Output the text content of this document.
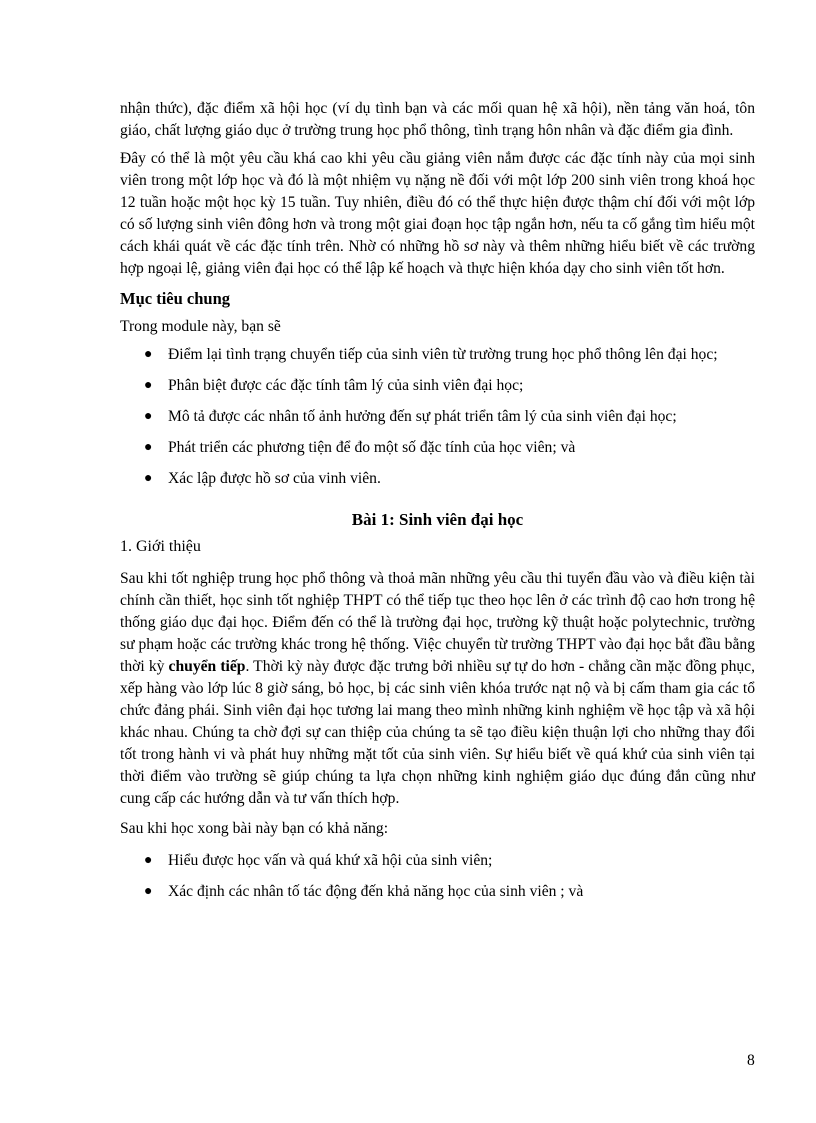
nhận thức), đặc điểm xã hội học (ví dụ tình bạn và các mối quan hệ xã hội), nền tảng văn hoá, tôn giáo, chất lượng giáo dục ở trường trung học phổ thông, tình trạng hôn nhân và đặc điểm gia đình.

Đây có thể là một yêu cầu khá cao khi yêu cầu giảng viên nắm được các đặc tính này của mọi sinh viên trong một lớp học và đó là một nhiệm vụ nặng nề đối với một lớp 200 sinh viên trong khoá học 12 tuần hoặc một học kỳ 15 tuần. Tuy nhiên, điều đó có thể thực hiện được thậm chí đối với một lớp có số lượng sinh viên đông hơn và trong một giai đoạn học tập ngắn hơn, nếu ta cố gắng tìm hiểu một cách khái quát về các đặc tính trên. Nhờ có những hồ sơ này và thêm những hiểu biết về các trường hợp ngoại lệ, giảng viên đại học có thể lập kế hoạch và thực hiện khóa dạy cho sinh viên tốt hơn.

Mục tiêu chung

Trong module này, bạn sẽ

● Điểm lại tình trạng chuyển tiếp của sinh viên từ trường trung học phổ thông lên đại học;
● Phân biệt được các đặc tính tâm lý của sinh viên đại học;
● Mô tả được các nhân tố ảnh hưởng đến sự phát triển tâm lý của sinh viên đại học;
● Phát triển các phương tiện để đo một số đặc tính của học viên; và
● Xác lập được hồ sơ của vinh viên.
Bài 1: Sinh viên đại học
1. Giới thiệu

Sau khi tốt nghiệp trung học phổ thông và thoả mãn những yêu cầu thi tuyển đầu vào và điều kiện tài chính cần thiết, học sinh tốt nghiệp THPT có thể tiếp tục theo học lên ở các trình độ cao hơn trong hệ thống giáo dục đại học. Điểm đến có thể là trường đại học, trường kỹ thuật hoặc polytechnic, trường sư phạm hoặc các trường khác trong hệ thống. Việc chuyển từ trường THPT vào đại học bắt đầu bằng thời kỳ chuyển tiếp. Thời kỳ này được đặc trưng bởi nhiều sự tự do hơn - chẳng cần mặc đồng phục, xếp hàng vào lớp lúc 8 giờ sáng, bỏ học, bị các sinh viên khóa trước nạt nộ và bị cấm tham gia các tổ chức đảng phái. Sinh viên đại học tương lai mang theo mình những kinh nghiệm về học tập và xã hội khác nhau. Chúng ta chờ đợi sự can thiệp của chúng ta sẽ tạo điều kiện thuận lợi cho những thay đổi tốt trong hành vi và phát huy những mặt tốt của sinh viên. Sự hiểu biết về quá khứ của sinh viên tại thời điểm vào trường sẽ giúp chúng ta lựa chọn những kinh nghiệm giáo dục đúng đắn cũng như cung cấp các hướng dẫn và tư vấn thích hợp.

Sau khi học xong bài này bạn có khả năng:

● Hiểu được học vấn và quá khứ xã hội của sinh viên;
● Xác định các nhân tố tác động đến khả năng học của sinh viên ; và
8
